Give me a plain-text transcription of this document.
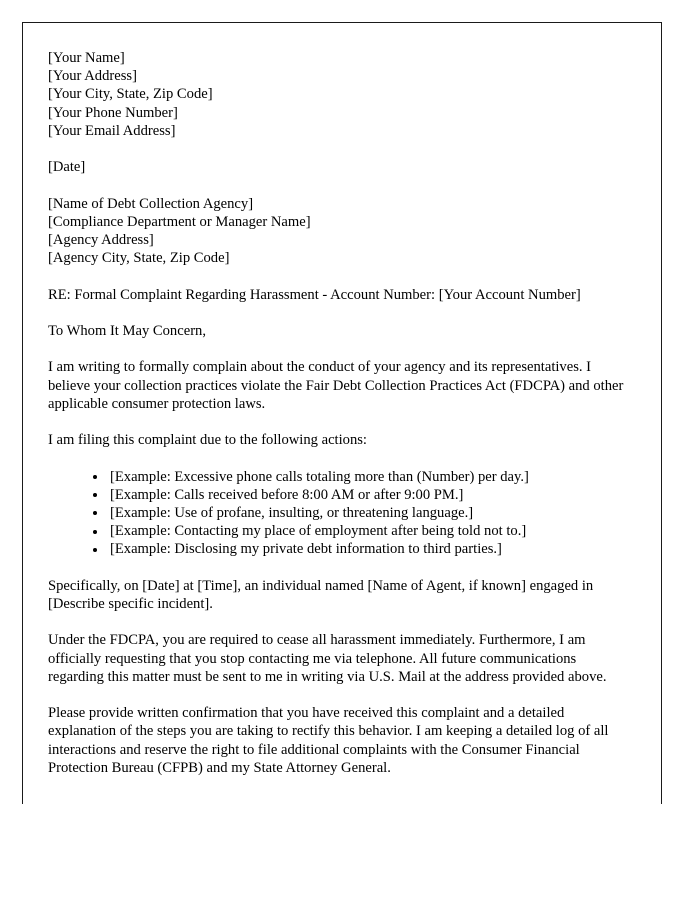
[Your Name]
[Your Address]
[Your City, State, Zip Code]
[Your Phone Number]
[Your Email Address]

[Date]

[Name of Debt Collection Agency]
[Compliance Department or Manager Name]
[Agency Address]
[Agency City, State, Zip Code]

RE: Formal Complaint Regarding Harassment - Account Number: [Your Account Number]

To Whom It May Concern,

I am writing to formally complain about the conduct of your agency and its representatives. I believe your collection practices violate the Fair Debt Collection Practices Act (FDCPA) and other applicable consumer protection laws.

I am filing this complaint due to the following actions:

[Example: Excessive phone calls totaling more than (Number) per day.]
[Example: Calls received before 8:00 AM or after 9:00 PM.]
[Example: Use of profane, insulting, or threatening language.]
[Example: Contacting my place of employment after being told not to.]
[Example: Disclosing my private debt information to third parties.]

Specifically, on [Date] at [Time], an individual named [Name of Agent, if known] engaged in [Describe specific incident].

Under the FDCPA, you are required to cease all harassment immediately. Furthermore, I am officially requesting that you stop contacting me via telephone. All future communications regarding this matter must be sent to me in writing via U.S. Mail at the address provided above.

Please provide written confirmation that you have received this complaint and a detailed explanation of the steps you are taking to rectify this behavior. I am keeping a detailed log of all interactions and reserve the right to file additional complaints with the Consumer Financial Protection Bureau (CFPB) and my State Attorney General.
